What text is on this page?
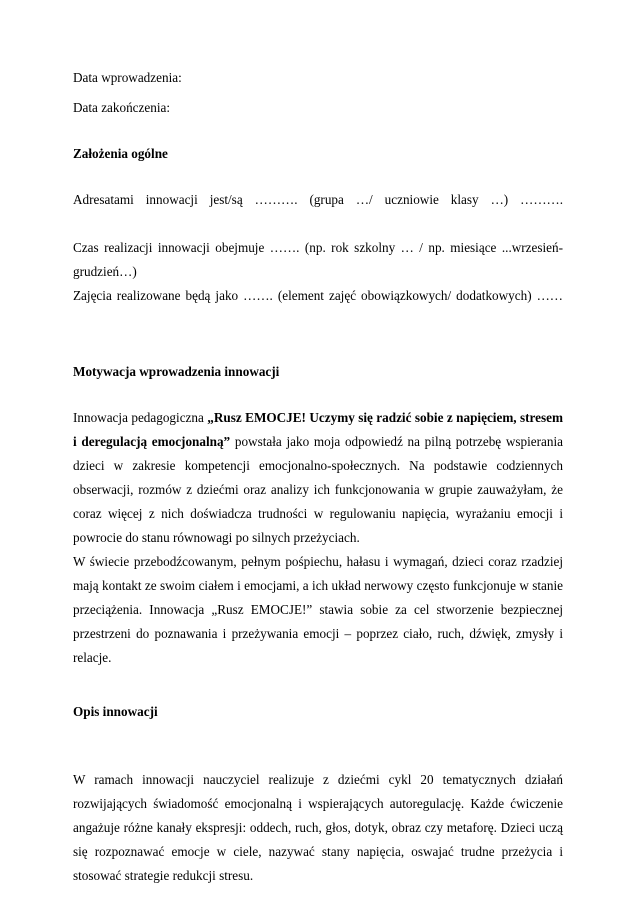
Data wprowadzenia:
Data zakończenia:
Założenia ogólne

Adresatami innowacji jest/są ………. (grupa …/ uczniowie klasy …) ……….

Czas realizacji innowacji obejmuje ……. (np. rok szkolny … / np. miesiące ...wrzesień-grudzień…)

Zajęcia realizowane będą jako ……. (element zajęć obowiązkowych/ dodatkowych) ……

Motywacja wprowadzenia innowacji

Innowacja pedagogiczna „Rusz EMOCJE! Uczymy się radzić sobie z napięciem, stresem i deregulacją emocjonalną” powstała jako moja odpowiedź na pilną potrzebę wspierania dzieci w zakresie kompetencji emocjonalno-społecznych. Na podstawie codziennych obserwacji, rozmów z dziećmi oraz analizy ich funkcjonowania w grupie zauważyłam, że coraz więcej z nich doświadcza trudności w regulowaniu napięcia, wyrażaniu emocji i powrocie do stanu równowagi po silnych przeżyciach.

W świecie przebodźcowanym, pełnym pośpiechu, hałasu i wymagań, dzieci coraz rzadziej mają kontakt ze swoim ciałem i emocjami, a ich układ nerwowy często funkcjonuje w stanie przeciążenia. Innowacja „Rusz EMOCJE!” stawia sobie za cel stworzenie bezpiecznej przestrzeni do poznawania i przeżywania emocji – poprzez ciało, ruch, dźwięk, zmysły i relacje.

Opis innowacji

W ramach innowacji nauczyciel realizuje z dziećmi cykl 20 tematycznych działań rozwijających świadomość emocjonalną i wspierających autoregulację. Każde ćwiczenie angażuje różne kanały ekspresji: oddech, ruch, głos, dotyk, obraz czy metaforę. Dzieci uczą się rozpoznawać emocje w ciele, nazywać stany napięcia, oswajać trudne przeżycia i stosować strategie redukcji stresu.
